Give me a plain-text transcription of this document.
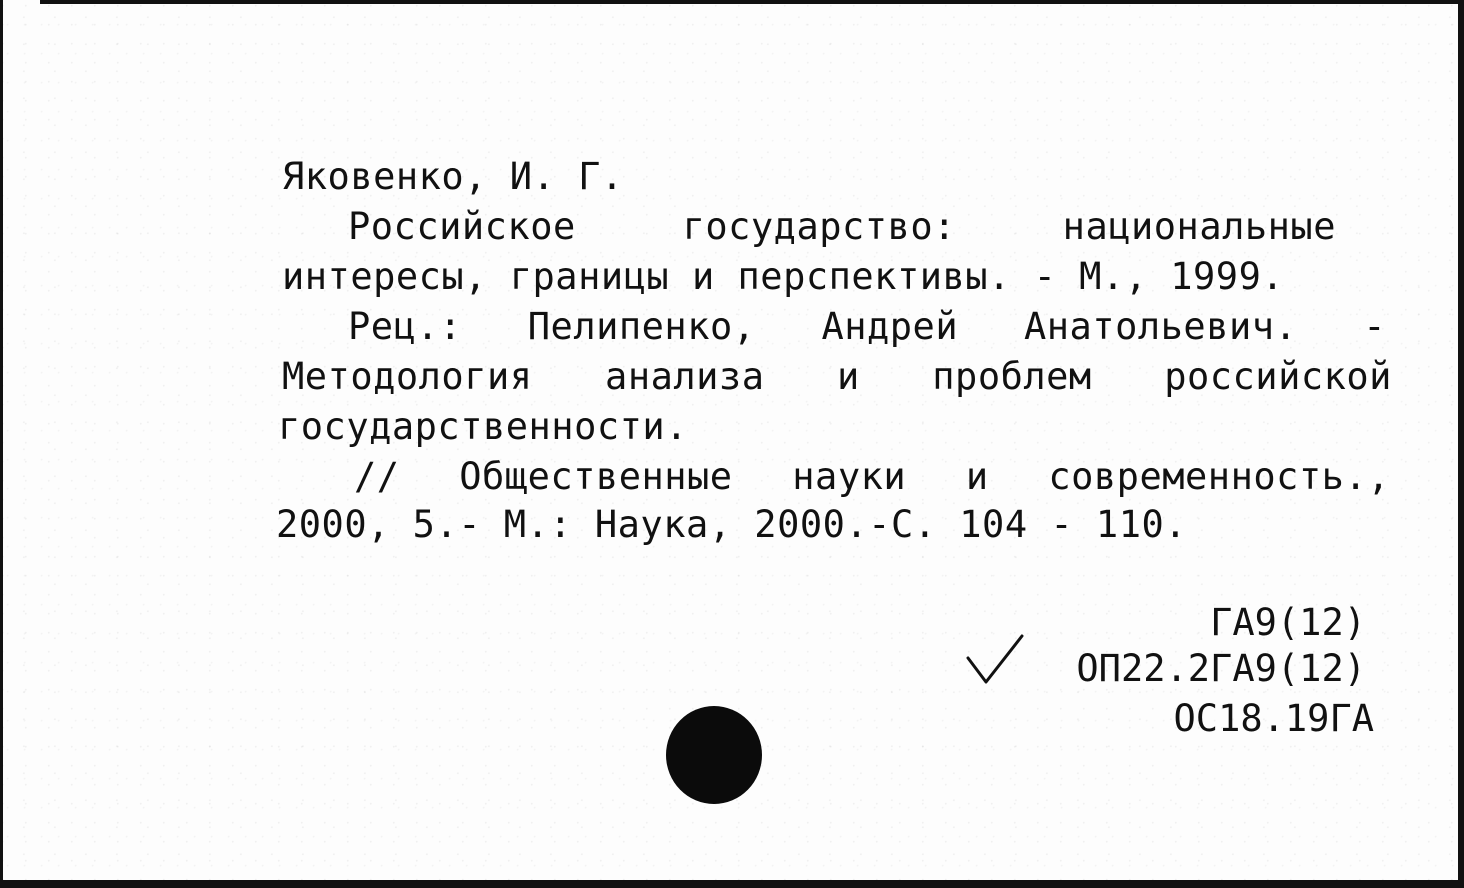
Яковенко, И. Г.
Российское	государство:	национальные
интересы, границы и перспективы. - М., 1999.
Рец.: Пелипенко, Андрей Анатольевич. -
Методология анализа и проблем российской
государственности.
// Общественные науки и современность.,
2000, 5.- М.: Наука, 2000.-С. 104 - 110.
ГА9(12)
ОП22.2ГА9(12)
ОС18.19ГА
